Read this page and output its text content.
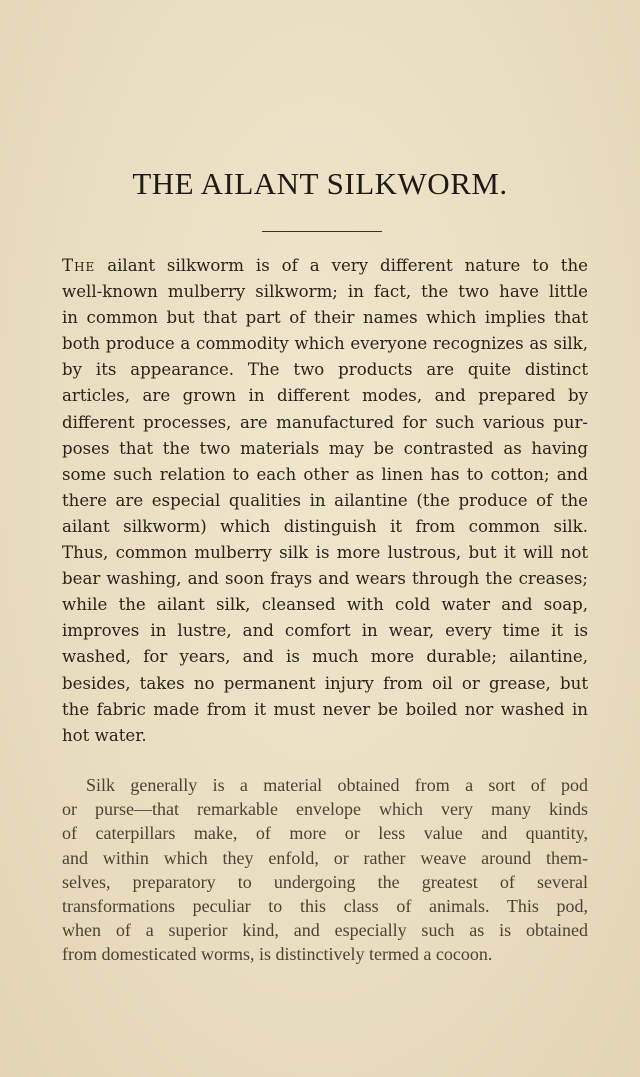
THE AILANT SILKWORM.
The ailant silkworm is of a very different nature to the
well-known mulberry silkworm; in fact, the two have little
in common but that part of their names which implies that
both produce a commodity which everyone recognizes as silk,
by its appearance. The two products are quite distinct
articles, are grown in different modes, and prepared by
different processes, are manufactured for such various pur-
poses that the two materials may be contrasted as having
some such relation to each other as linen has to cotton; and
there are especial qualities in ailantine (the produce of the
ailant silkworm) which distinguish it from common silk.
Thus, common mulberry silk is more lustrous, but it will not
bear washing, and soon frays and wears through the creases;
while the ailant silk, cleansed with cold water and soap,
improves in lustre, and comfort in wear, every time it is
washed, for years, and is much more durable; ailantine,
besides, takes no permanent injury from oil or grease, but
the fabric made from it must never be boiled nor washed in
hot water.
Silk generally is a material obtained from a sort of pod
or purse—that remarkable envelope which very many kinds
of caterpillars make, of more or less value and quantity,
and within which they enfold, or rather weave around them-
selves, preparatory to undergoing the greatest of several
transformations peculiar to this class of animals. This pod,
when of a superior kind, and especially such as is obtained
from domesticated worms, is distinctively termed a cocoon.
